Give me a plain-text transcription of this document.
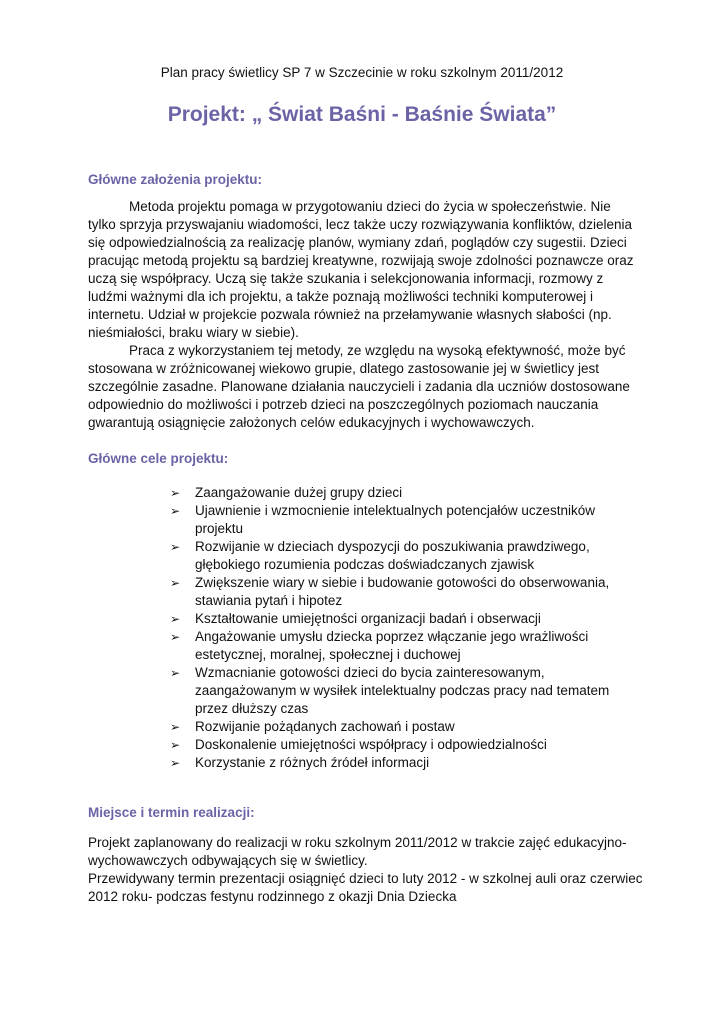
Plan pracy świetlicy SP 7 w Szczecinie w roku szkolnym 2011/2012
Projekt: „ Świat Baśni - Baśnie Świata”
Główne założenia projektu:
Metoda projektu pomaga w przygotowaniu dzieci do życia w społeczeństwie. Nie tylko sprzyja przyswajaniu wiadomości, lecz także uczy rozwiązywania konfliktów, dzielenia się odpowiedzialnością za realizację planów, wymiany zdań, poglądów czy sugestii. Dzieci pracując metodą projektu są bardziej kreatywne, rozwijają swoje zdolności poznawcze oraz uczą się współpracy. Uczą się także szukania i selekcjonowania informacji, rozmowy z ludźmi ważnymi dla ich projektu, a także poznają możliwości techniki komputerowej i internetu. Udział w projekcie pozwala również na przełamywanie własnych słabości (np. nieśmiałości, braku wiary w siebie).
Praca z wykorzystaniem tej metody, ze względu na wysoką efektywność, może być stosowana w zróżnicowanej wiekowo grupie, dlatego zastosowanie jej w świetlicy jest szczególnie zasadne. Planowane działania nauczycieli i zadania dla uczniów dostosowane odpowiednio do możliwości i potrzeb dzieci na poszczególnych poziomach nauczania gwarantują osiągnięcie założonych celów edukacyjnych i wychowawczych.
Główne cele projektu:
➢ Zaangażowanie dużej grupy dzieci
➢ Ujawnienie i wzmocnienie intelektualnych potencjałów uczestników projektu
➢ Rozwijanie w dzieciach dyspozycji do poszukiwania prawdziwego, głębokiego rozumienia podczas doświadczanych zjawisk
➢ Zwiększenie wiary w siebie i budowanie gotowości do obserwowania, stawiania pytań i hipotez
➢ Kształtowanie umiejętności organizacji badań i obserwacji
➢ Angażowanie umysłu dziecka poprzez włączanie jego wrażliwości estetycznej, moralnej, społecznej i duchowej
➢ Wzmacnianie gotowości dzieci do bycia zainteresowanym, zaangażowanym w wysiłek intelektualny podczas pracy nad tematem przez dłuższy czas
➢ Rozwijanie pożądanych zachowań i postaw
➢ Doskonalenie umiejętności współpracy i odpowiedzialności
➢ Korzystanie z różnych źródeł informacji
Miejsce i termin realizacji:
Projekt zaplanowany do realizacji w roku szkolnym 2011/2012 w trakcie zajęć edukacyjno-wychowawczych odbywających się w świetlicy.
Przewidywany termin prezentacji osiągnięć dzieci to luty 2012 - w szkolnej auli oraz czerwiec 2012 roku- podczas festynu rodzinnego z okazji Dnia Dziecka
